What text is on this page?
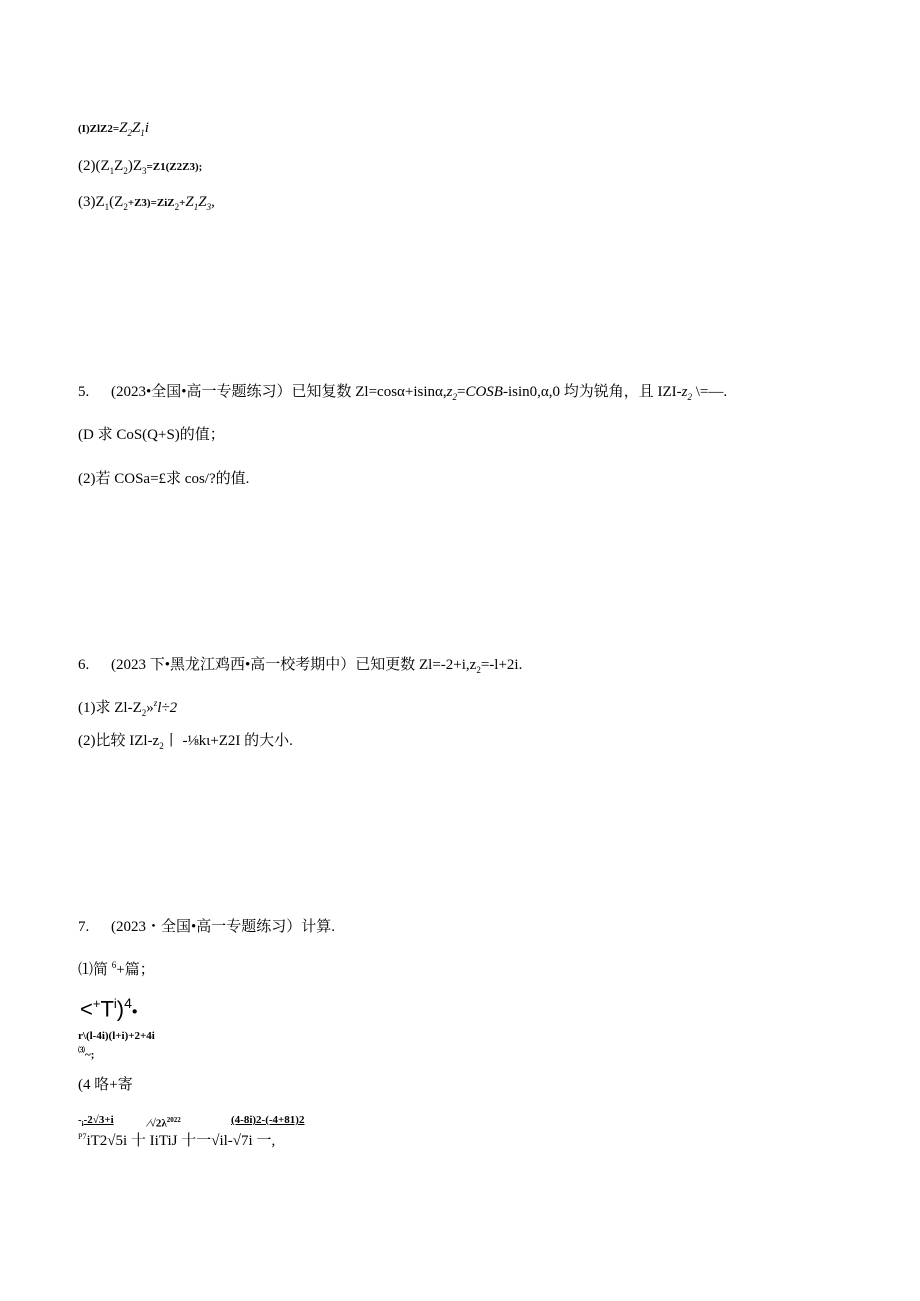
$(I)ZlZ2=Z_2Z_1i$
$(2)(Z_1Z_2)Z_3=Z1(Z2Z3)$;
$(3)Z_1(Z_2+Z3)=ZiZ_2+Z_1Z_3$,
5. (2023•全国•高一专题练习）已知复数 $Zl=\cos\alpha+isin\alpha,z_2=COSB-isin0,\alpha,0$ 均为锐角，且 IZI-$z_2$ \=—.
(D 求 CoS(Q+S)的值；
(2)若 COSa=£求 cos/?的值.
6. (2023 下•黑龙江鸡西•高一校考期中）已知更数 $Zl=-2+i,z_2=-l+2i$.
(1)求 $Zl-Z_2»^zl\div 2$
(2)比较 IZl-$z_2$丨 -⅛kι+Z2I 的大小.
7. (2023・全国•高一专题练习）计算.
⑴简 $^6$+篇；
$<^+T^i)^4•$
r\(l-4i)(l+i)+2+4i
⑶~;
(4 咯+寄
$-_i-2√3+i$	$∕√2\lambda^{2022}$	(4-8i)2-(-4+81)2
$^{P7}$iT2√5i 十 IiTiJ 十一√il-√7i 一,
